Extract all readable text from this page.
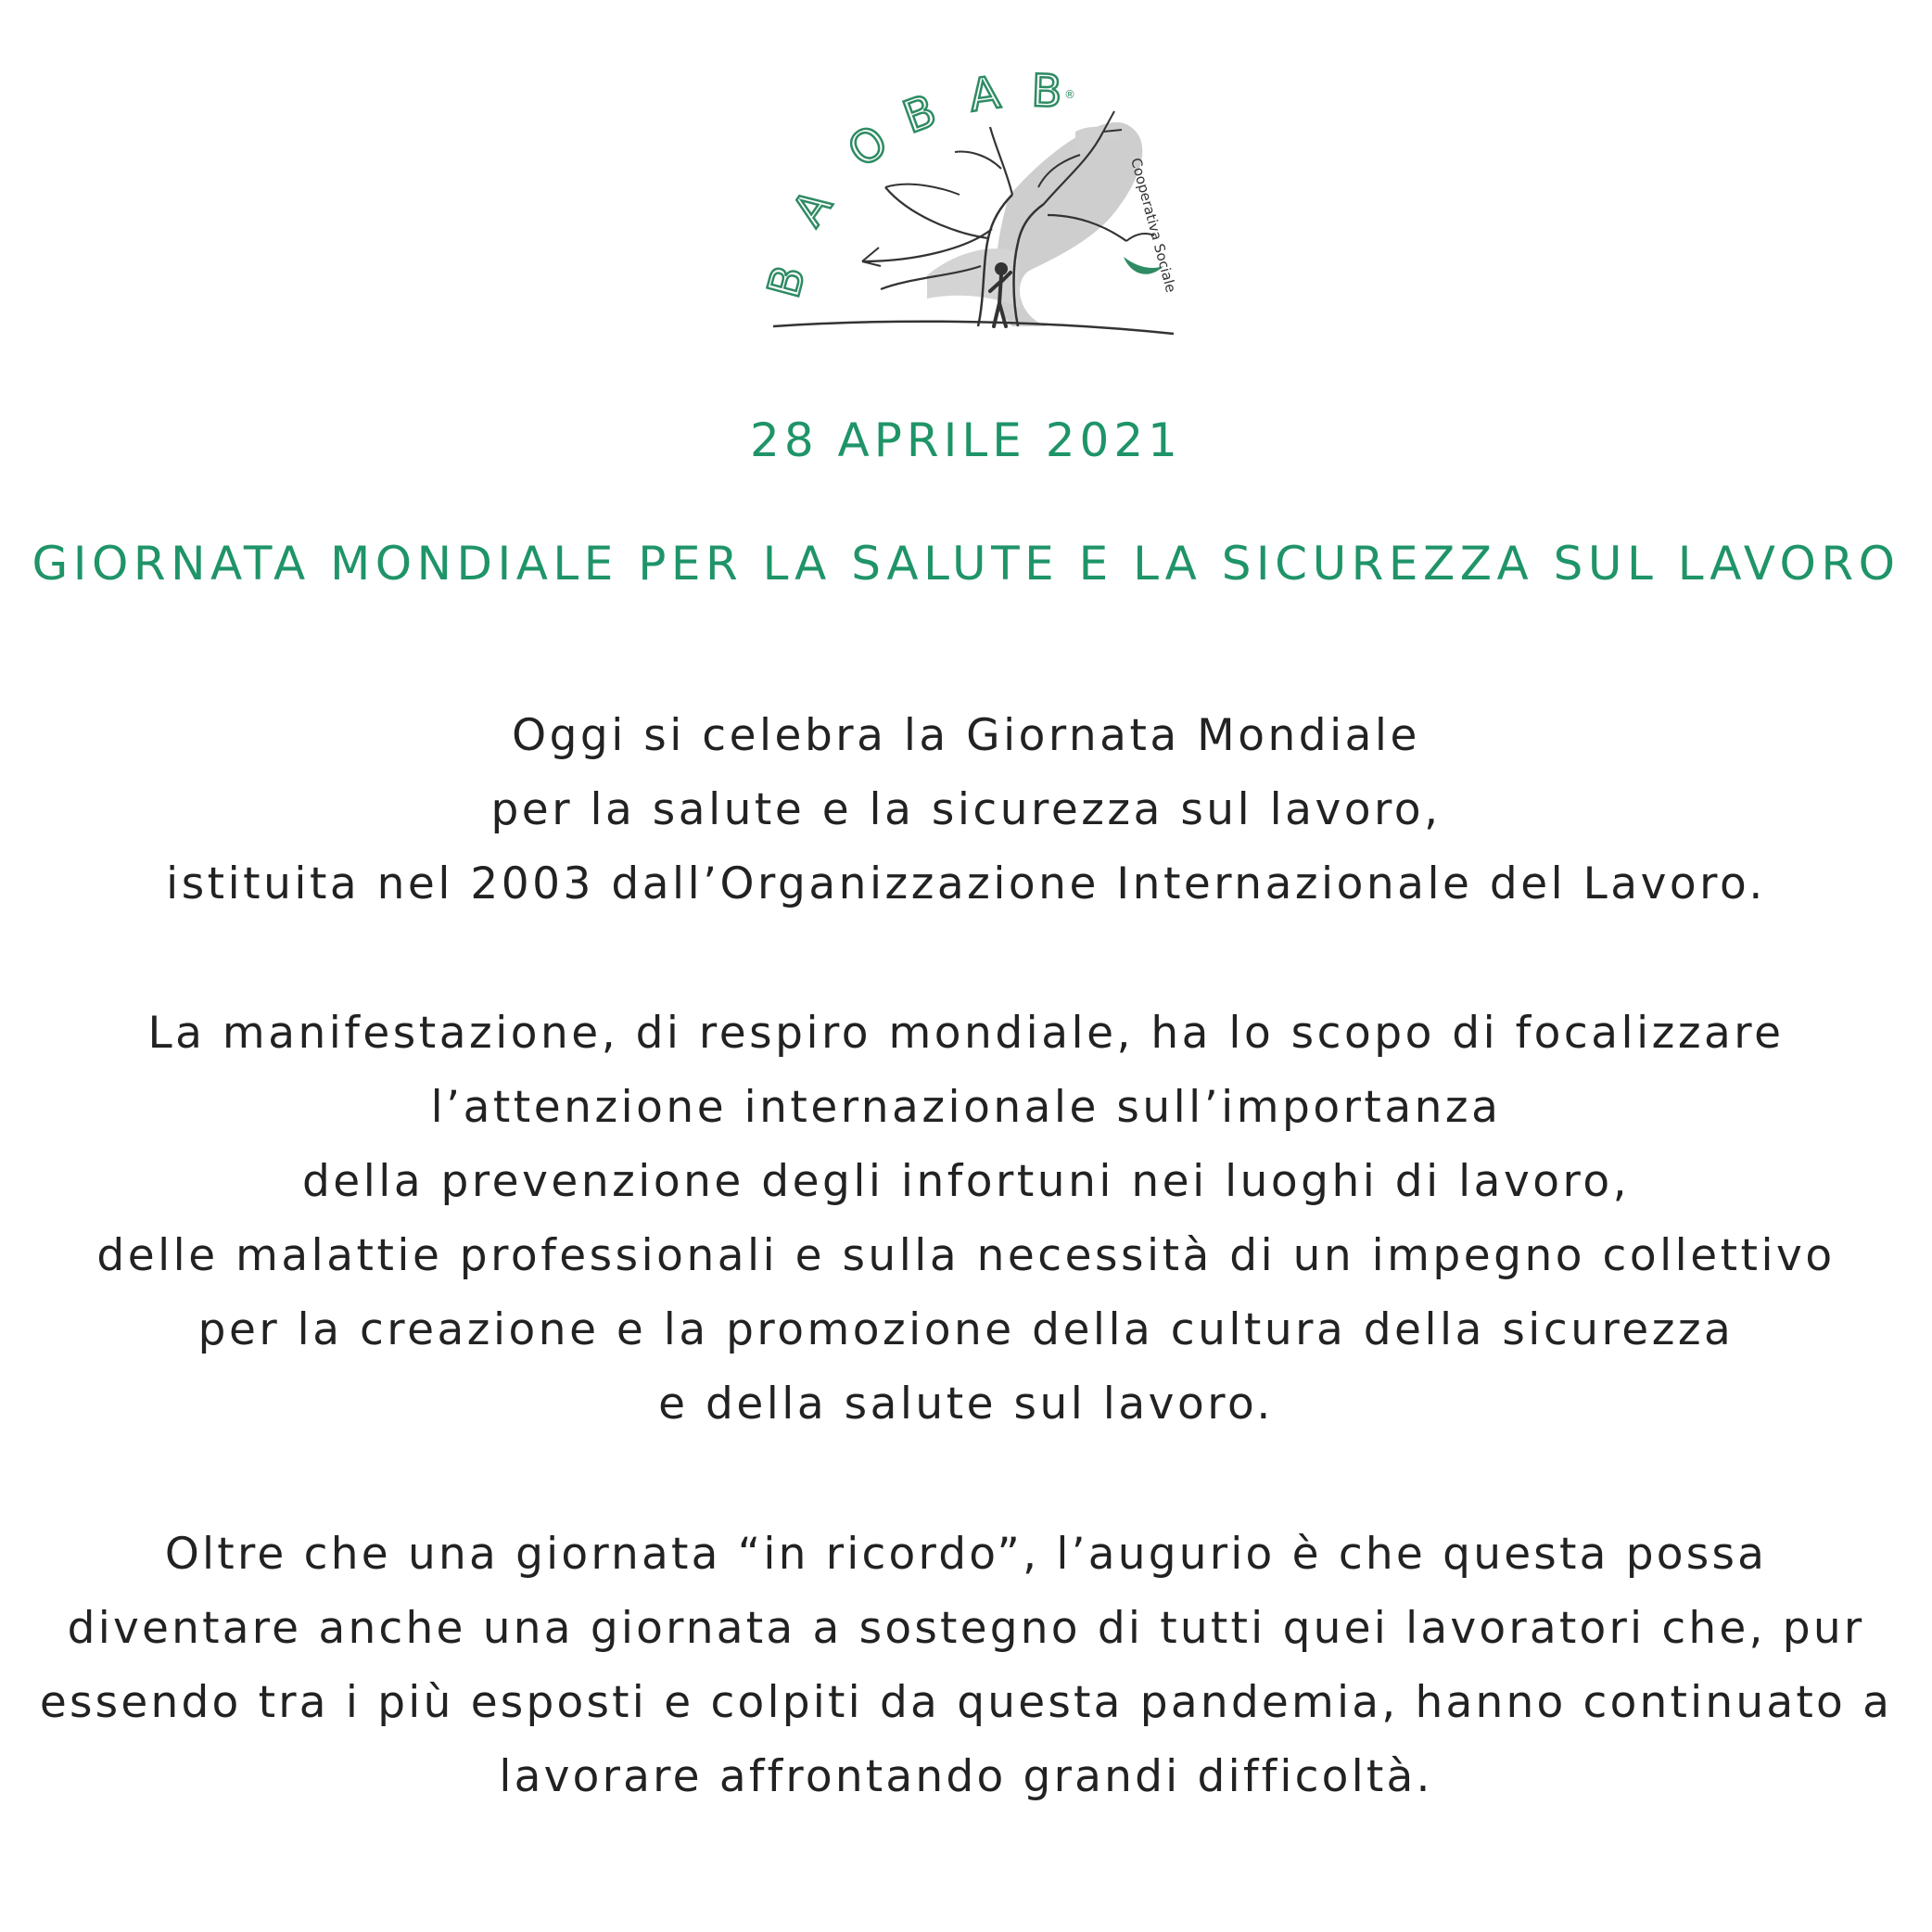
B
A
O
B A B ®
Cooperativa Sociale
28 APRILE 2021
GIORNATA MONDIALE PER LA SALUTE E LA SICUREZZA SUL LAVORO
Oggi si celebra la Giornata Mondiale
per la salute e la sicurezza sul lavoro,
istituita nel 2003 dall’Organizzazione Internazionale del Lavoro.
La manifestazione, di respiro mondiale, ha lo scopo di focalizzare
l’attenzione internazionale sull’importanza
della prevenzione degli infortuni nei luoghi di lavoro,
delle malattie professionali e sulla necessità di un impegno collettivo
per la creazione e la promozione della cultura della sicurezza
e della salute sul lavoro.
Oltre che una giornata “in ricordo”, l’augurio è che questa possa
diventare anche una giornata a sostegno di tutti quei lavoratori che, pur
essendo tra i più esposti e colpiti da questa pandemia, hanno continuato a
lavorare affrontando grandi difficoltà.
